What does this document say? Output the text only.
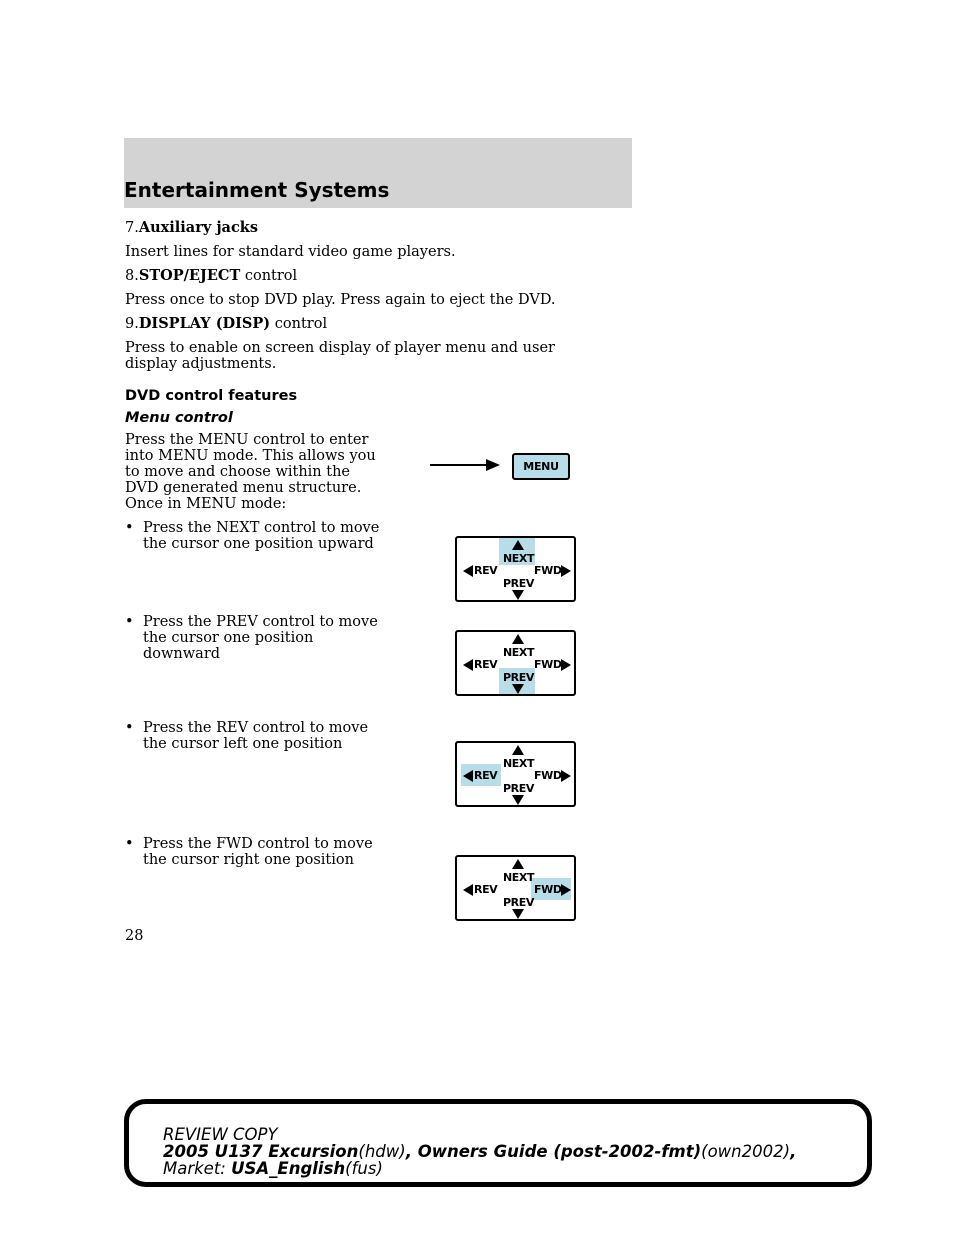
Entertainment Systems

7.Auxiliary jacks

Insert lines for standard video game players.

8.STOP/EJECT control

Press once to stop DVD play. Press again to eject the DVD.

9.DISPLAY (DISP) control

Press to enable on screen display of player menu and user display adjustments.

DVD control features
Menu control

Press the MENU control to enter into MENU mode. This allows you to move and choose within the DVD generated menu structure. Once in MENU mode:

• Press the NEXT control to move the cursor one position upward

• Press the PREV control to move the cursor one position downward

• Press the REV control to move the cursor left one position

• Press the FWD control to move the cursor right one position

MENU
NEXT
PREV
REV	FWD
NEXT
PREV
REV	FWD
NEXT
PREV
REV	FWD
NEXT
PREV
REV	FWD
28
REVIEW COPY
2005 U137 Excursion(hdw), Owners Guide (post-2002-fmt)(own2002),
Market: USA_English(fus)
